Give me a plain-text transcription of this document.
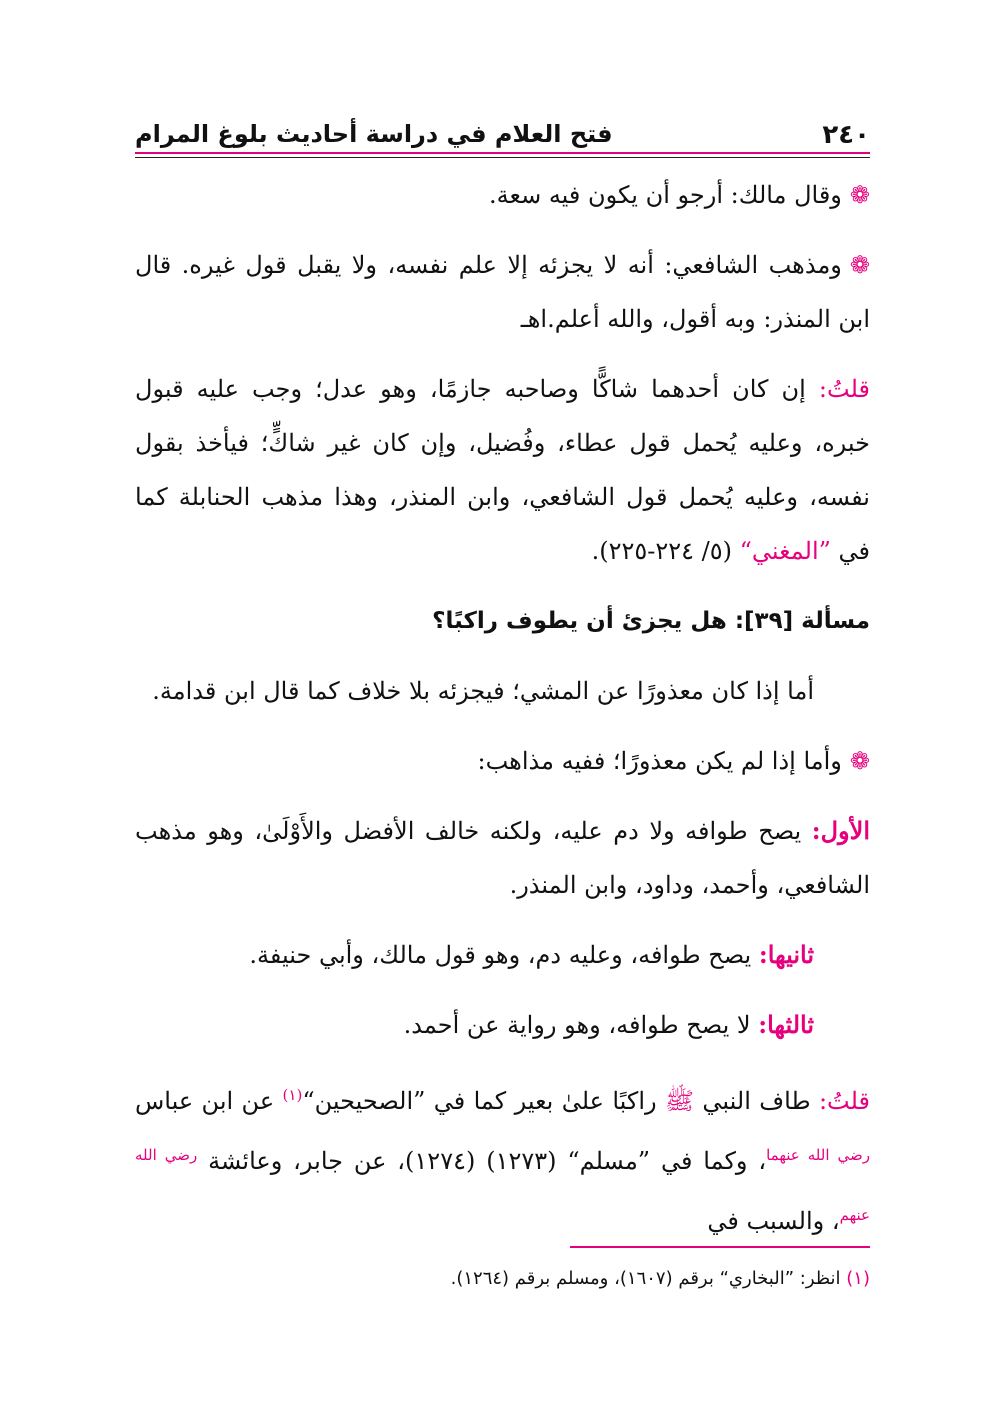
٢٤٠
فتح العلام في دراسة أحاديث بلوغ المرام

❁وقال مالك: أرجو أن يكون فيه سعة.

❁ومذهب الشافعي: أنه لا يجزئه إلا علم نفسه، ولا يقبل قول غيره. قال ابن المنذر: وبه أقول، والله أعلم.اهـ

قلتُ: إن كان أحدهما شاكًّا وصاحبه جازمًا، وهو عدل؛ وجب عليه قبول خبره، وعليه يُحمل قول عطاء، وفُضيل، وإن كان غير شاكٍّ؛ فيأخذ بقول نفسه، وعليه يُحمل قول الشافعي، وابن المنذر، وهذا مذهب الحنابلة كما في ”المغني“ (٥/ ٢٢٤-٢٢٥).

مسألة [٣٩]: هل يجزئ أن يطوف راكبًا؟

أما إذا كان معذورًا عن المشي؛ فيجزئه بلا خلاف كما قال ابن قدامة.

❁وأما إذا لم يكن معذورًا؛ ففيه مذاهب:

الأول: يصح طوافه ولا دم عليه، ولكنه خالف الأفضل والأَوْلَىٰ، وهو مذهب الشافعي، وأحمد، وداود، وابن المنذر.

ثانيها: يصح طوافه، وعليه دم، وهو قول مالك، وأبي حنيفة.

ثالثها: لا يصح طوافه، وهو رواية عن أحمد.

قلتُ: طاف النبي ﷺ راكبًا علىٰ بعير كما في ”الصحيحين“$^{(١)}$ عن ابن عباس $^{رضي الله عنهما}$، وكما في ”مسلم“ (١٢٧٣) (١٢٧٤)، عن جابر، وعائشة $^{رضي الله عنهم}$، والسبب في

(١) انظر: ”البخاري“ برقم (١٦٠٧)، ومسلم برقم (١٢٦٤).
